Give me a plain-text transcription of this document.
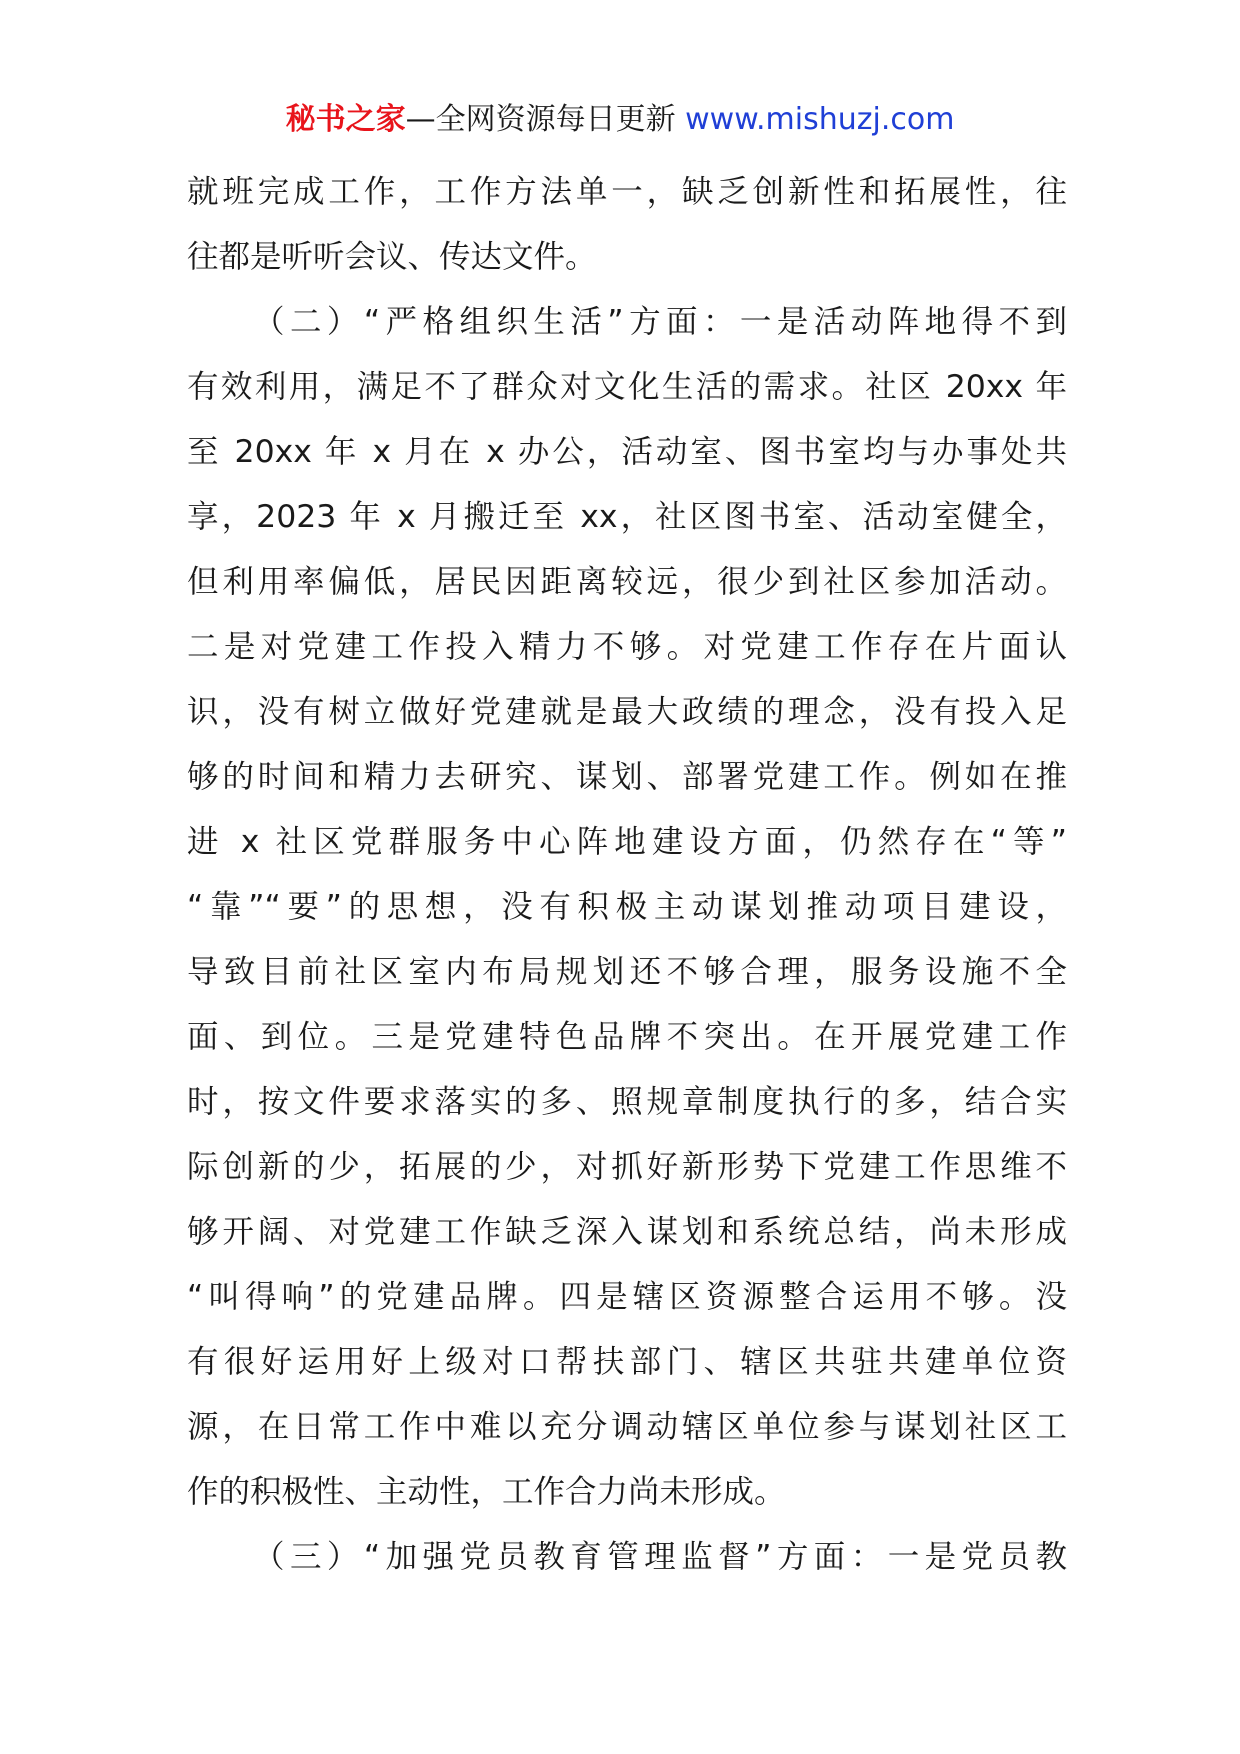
秘书之家—全网资源每日更新 www.mishuzj.com
就班完成工作，工作方法单一，缺乏创新性和拓展性，往
往都是听听会议、传达文件。
（二）“严格组织生活”方面：一是活动阵地得不到
有效利用，满足不了群众对文化生活的需求。社区 20xx 年
至 20xx 年 x 月在 x 办公，活动室、图书室均与办事处共
享，2023 年 x 月搬迁至 xx，社区图书室、活动室健全，
但利用率偏低，居民因距离较远，很少到社区参加活动。
二是对党建工作投入精力不够。对党建工作存在片面认
识，没有树立做好党建就是最大政绩的理念，没有投入足
够的时间和精力去研究、谋划、部署党建工作。例如在推
进 x 社区党群服务中心阵地建设方面，仍然存在“等”
“靠”“要”的思想，没有积极主动谋划推动项目建设，
导致目前社区室内布局规划还不够合理，服务设施不全
面、到位。三是党建特色品牌不突出。在开展党建工作
时，按文件要求落实的多、照规章制度执行的多，结合实
际创新的少，拓展的少，对抓好新形势下党建工作思维不
够开阔、对党建工作缺乏深入谋划和系统总结，尚未形成
“叫得响”的党建品牌。四是辖区资源整合运用不够。没
有很好运用好上级对口帮扶部门、辖区共驻共建单位资
源，在日常工作中难以充分调动辖区单位参与谋划社区工
作的积极性、主动性，工作合力尚未形成。
（三）“加强党员教育管理监督”方面：一是党员教
